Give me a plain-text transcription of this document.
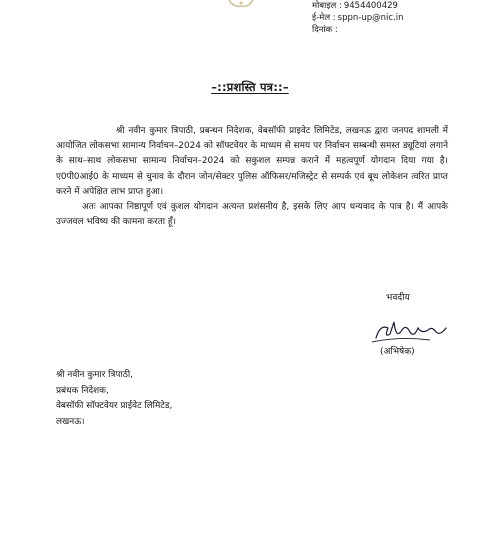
मोबाइल : 9454400429
ई-मेल : sppn-up@nic.in
दिनांक :
–::प्रशस्ति पत्र::–

श्री नवीन कुमार त्रिपाठी, प्रबन्धन निदेशक, वेबसॉफी प्राइवेट लिमिटेड, लखनऊ द्वारा जनपद शामली में आयोजित लोकसभा सामान्य निर्वाचन–2024 को सॉफ्टवेयर के माध्यम से समय पर निर्वाचन सम्बन्धी समस्त ड्यूटियां लगाने के साथ–साथ लोकसभा सामान्य निर्वाचन–2024 को सकुशल सम्पन्न कराने में महत्वपूर्ण योगदान दिया गया है। ए0पी0आई0 के माध्यम से चुनाव के दौरान जोन/सेक्टर पुलिस ऑफिसर/मजिस्ट्रेट से सम्पर्क एवं बूथ लोकेशन त्वरित प्राप्त करने में अपेक्षित लाभ प्राप्त हुआ।

अतः आपका निष्ठापूर्ण एवं कुशल योगदान अत्यन्त प्रशंसनीय है, इसके लिए आप धन्यवाद के पात्र है। मैं आपके उज्जवल भविष्य की कामना करता हूँ।

भवदीय
(अभिषेक)
श्री नवीन कुमार त्रिपाठी,
प्रबंधक निदेशक,
वेबसॉफी सॉफ्टवेयर प्राईवेट लिमिटेड,
लखनऊ।
